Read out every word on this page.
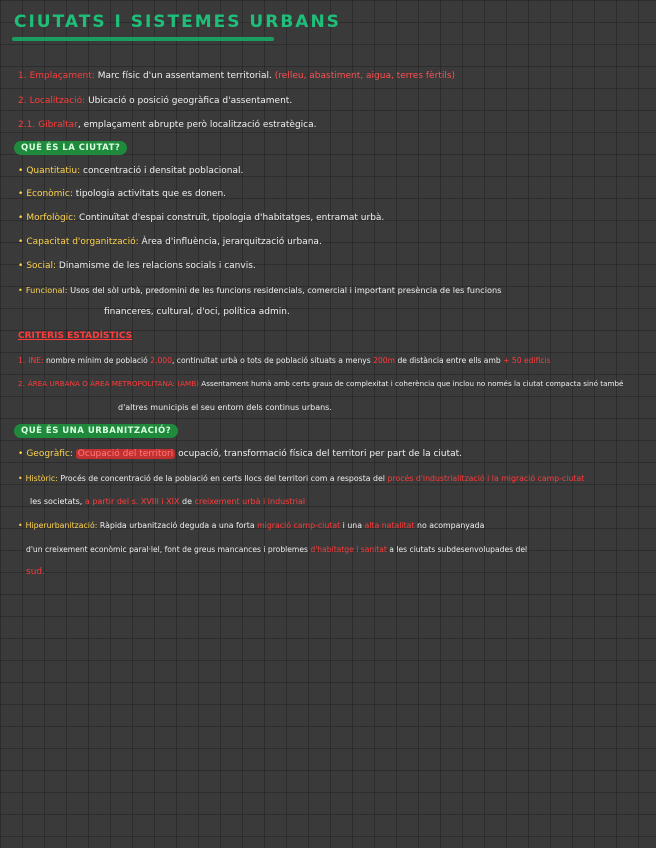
CIUTATS I SISTEMES URBANS
1. Emplaçament: Marc físic d'un assentament territorial. (relleu, abastiment, aigua, terres fèrtils)
2. Localització: Ubicació o posició geogràfica d'assentament.
2.1. Gibraltar, emplaçament abrupte però localització estratègica.
QUÈ ÉS LA CIUTAT?
• Quantitatiu: concentració i densitat poblacional.
• Econòmic: tipologia activitats que es donen.
• Morfològic: Continuïtat d'espai construït, tipologia d'habitatges, entramat urbà.
• Capacitat d'organització: Àrea d'influència, jerarquització urbana.
• Social: Dinamisme de les relacions socials i canvis.
• Funcional: Usos del sòl urbà, predomini de les funcions residencials, comercial i important presència de les funcions
financeres, cultural, d'oci, política admin.
CRITERIS ESTADÍSTICS
1. INE: nombre mínim de població 2.000, continuïtat urbà o tots de població situats a menys 200m de distància entre ells amb + 50 edificis
2. ÀREA URBANA O ÀREA METROPOLITANA: (AMB) Assentament humà amb certs graus de complexitat i coherència que inclou no només la ciutat compacta sinó també
d'altres municipis el seu entorn dels continus urbans.
QUÈ ÉS UNA URBANITZACIÓ?
• Geogràfic: Ocupació del territori ocupació, transformació física del territori per part de la ciutat.
• Històric: Procés de concentració de la població en certs llocs del territori com a resposta del procés d'industrialització i la migració camp-ciutat
les societats, a partir del s. XVIII i XIX de creixement urbà i industrial
• Hiperurbanització: Ràpida urbanització deguda a una forta migració camp-ciutat i una alta natalitat no acompanyada
d'un creixement econòmic paral·lel, font de greus mancances i problemes d'habitatge i sanitat a les ciutats subdesenvolupades del
sud.
